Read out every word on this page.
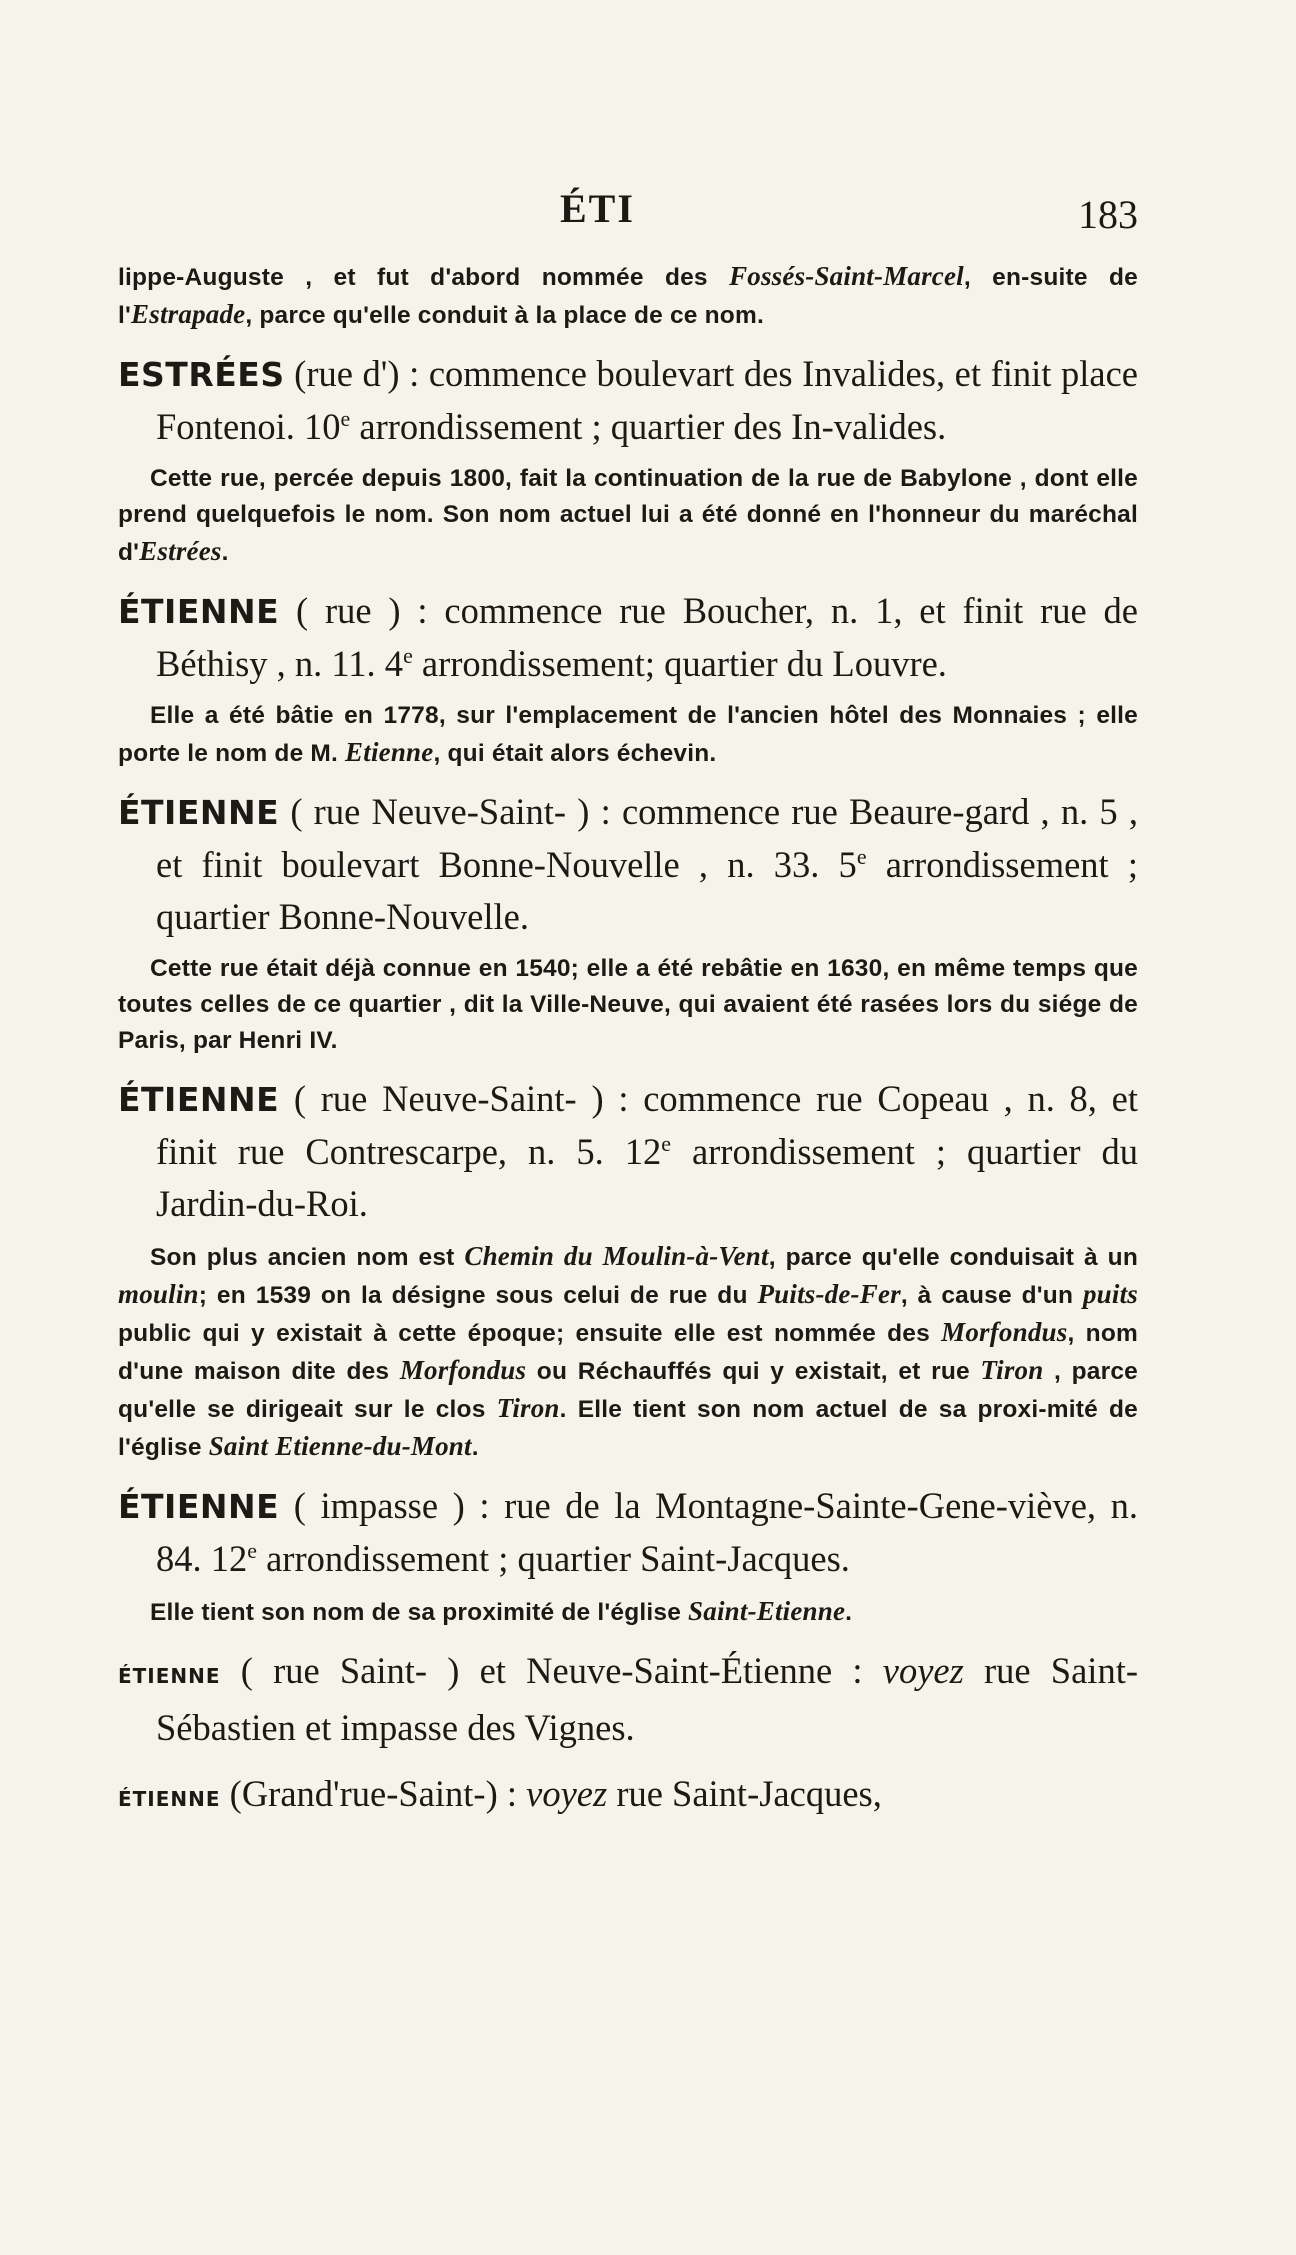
ÉTI	183

lippe-Auguste , et fut d'abord nommée des Fossés-Saint-Marcel, en-suite de l'Estrapade, parce qu'elle conduit à la place de ce nom.

ESTRÉES (rue d') : commence boulevart des Invalides, et finit place Fontenoi. 10e arrondissement ; quartier des In-valides.

Cette rue, percée depuis 1800, fait la continuation de la rue de Babylone , dont elle prend quelquefois le nom. Son nom actuel lui a été donné en l'honneur du maréchal d'Estrées.

ÉTIENNE ( rue ) : commence rue Boucher, n. 1, et finit rue de Béthisy , n. 11. 4e arrondissement; quartier du Louvre.

Elle a été bâtie en 1778, sur l'emplacement de l'ancien hôtel des Monnaies ; elle porte le nom de M. Etienne, qui était alors échevin.

ÉTIENNE ( rue Neuve-Saint- ) : commence rue Beaure-gard , n. 5 , et finit boulevart Bonne-Nouvelle , n. 33. 5e arrondissement ; quartier Bonne-Nouvelle.

Cette rue était déjà connue en 1540; elle a été rebâtie en 1630, en même temps que toutes celles de ce quartier , dit la Ville-Neuve, qui avaient été rasées lors du siége de Paris, par Henri IV.

ÉTIENNE ( rue Neuve-Saint- ) : commence rue Copeau , n. 8, et finit rue Contrescarpe, n. 5. 12e arrondissement ; quartier du Jardin-du-Roi.

Son plus ancien nom est Chemin du Moulin-à-Vent, parce qu'elle conduisait à un moulin; en 1539 on la désigne sous celui de rue du Puits-de-Fer, à cause d'un puits public qui y existait à cette époque; ensuite elle est nommée des Morfondus, nom d'une maison dite des Morfondus ou Réchauffés qui y existait, et rue Tiron , parce qu'elle se dirigeait sur le clos Tiron. Elle tient son nom actuel de sa proxi-mité de l'église Saint Etienne-du-Mont.

ÉTIENNE ( impasse ) : rue de la Montagne-Sainte-Gene-viève, n. 84. 12e arrondissement ; quartier Saint-Jacques.

Elle tient son nom de sa proximité de l'église Saint-Etienne.

ÉTIENNE ( rue Saint- ) et Neuve-Saint-Étienne : voyez rue Saint-Sébastien et impasse des Vignes.

ÉTIENNE (Grand'rue-Saint-) : voyez rue Saint-Jacques,
